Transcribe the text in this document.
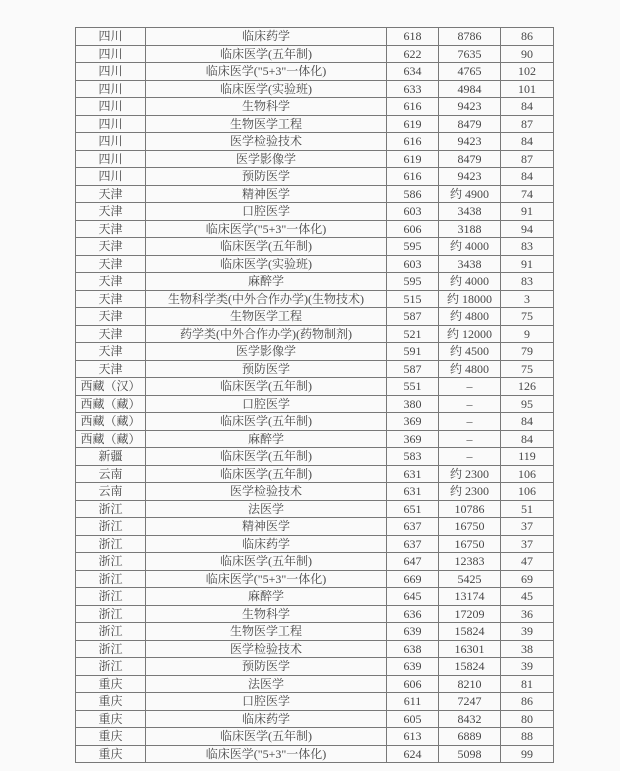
四川	临床药学	618	8786	86
四川	临床医学(五年制)	622	7635	90
四川	临床医学("5+3"一体化)	634	4765	102
四川	临床医学(实验班)	633	4984	101
四川	生物科学	616	9423	84
四川	生物医学工程	619	8479	87
四川	医学检验技术	616	9423	84
四川	医学影像学	619	8479	87
四川	预防医学	616	9423	84
天津	精神医学	586	约 4900	74
天津	口腔医学	603	3438	91
天津	临床医学("5+3"一体化)	606	3188	94
天津	临床医学(五年制)	595	约 4000	83
天津	临床医学(实验班)	603	3438	91
天津	麻醉学	595	约 4000	83
天津	生物科学类(中外合作办学)(生物技术)	515	约 18000	3
天津	生物医学工程	587	约 4800	75
天津	药学类(中外合作办学)(药物制剂)	521	约 12000	9
天津	医学影像学	591	约 4500	79
天津	预防医学	587	约 4800	75
西藏（汉）	临床医学(五年制)	551	–	126
西藏（藏）	口腔医学	380	–	95
西藏（藏）	临床医学(五年制)	369	–	84
西藏（藏）	麻醉学	369	–	84
新疆	临床医学(五年制)	583	–	119
云南	临床医学(五年制)	631	约 2300	106
云南	医学检验技术	631	约 2300	106
浙江	法医学	651	10786	51
浙江	精神医学	637	16750	37
浙江	临床药学	637	16750	37
浙江	临床医学(五年制)	647	12383	47
浙江	临床医学("5+3"一体化)	669	5425	69
浙江	麻醉学	645	13174	45
浙江	生物科学	636	17209	36
浙江	生物医学工程	639	15824	39
浙江	医学检验技术	638	16301	38
浙江	预防医学	639	15824	39
重庆	法医学	606	8210	81
重庆	口腔医学	611	7247	86
重庆	临床药学	605	8432	80
重庆	临床医学(五年制)	613	6889	88
重庆	临床医学("5+3"一体化)	624	5098	99
